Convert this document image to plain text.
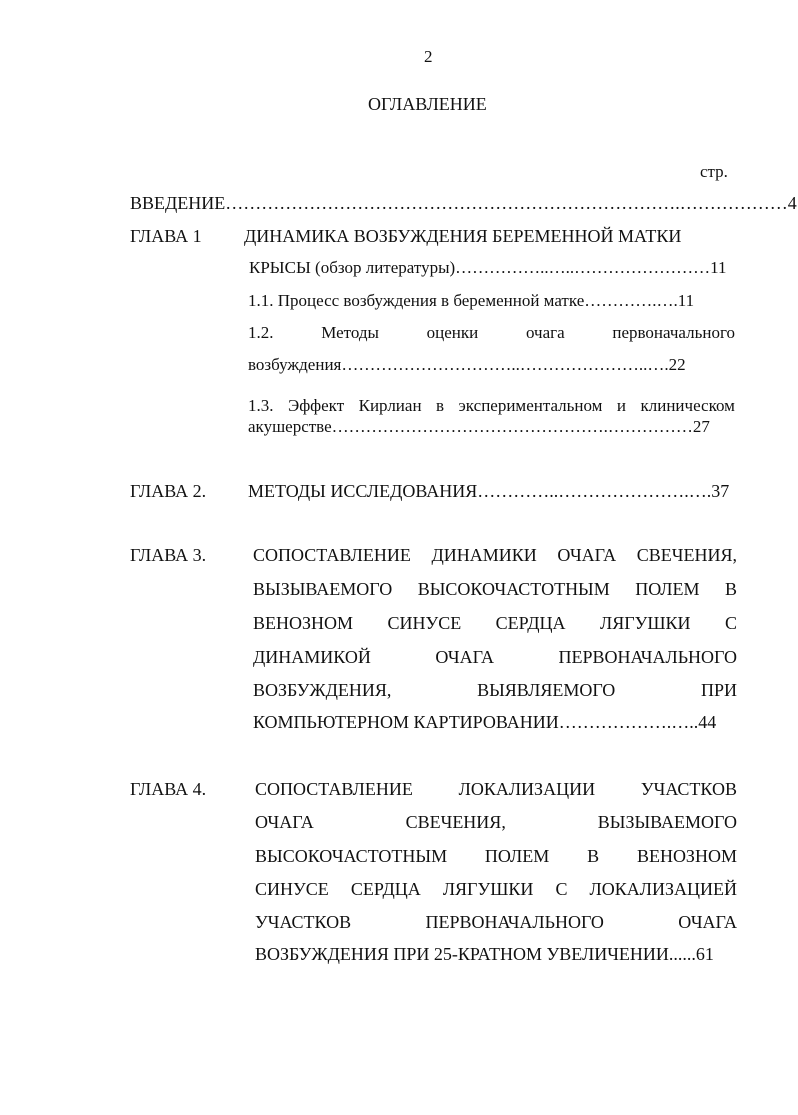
2
ОГЛАВЛЕНИЕ
стр.
ВВЕДЕНИЕ………………………………………………………………….………………4
ГЛАВА 1 ДИНАМИКА ВОЗБУЖДЕНИЯ БЕРЕМЕННОЙ МАТКИ
КРЫСЫ (обзор литературы)……………..…..……………………11
1.1. Процесс возбуждения в беременной матке………….….11
1.2.	Методы	оценки	очага	первоначального
возбуждения…………………………..…………………..….22
1.3. Эффект Кирлиан в экспериментальном и клиническом
акушерстве………………………………………….……………27
ГЛАВА 2. МЕТОДЫ ИССЛЕДОВАНИЯ…………..………………….….37
ГЛАВА 3.	СОПОСТАВЛЕНИЕ ДИНАМИКИ ОЧАГА СВЕЧЕНИЯ,
ВЫЗЫВАЕМОГО ВЫСОКОЧАСТОТНЫМ ПОЛЕМ В
ВЕНОЗНОМ СИНУСЕ СЕРДЦА ЛЯГУШКИ С
ДИНАМИКОЙ	ОЧАГА	ПЕРВОНАЧАЛЬНОГО
ВОЗБУЖДЕНИЯ,	ВЫЯВЛЯЕМОГО	ПРИ
КОМПЬЮТЕРНОМ КАРТИРОВАНИИ……………….…..44
ГЛАВА 4.	СОПОСТАВЛЕНИЕ	ЛОКАЛИЗАЦИИ	УЧАСТКОВ
ОЧАГА	СВЕЧЕНИЯ,	ВЫЗЫВАЕМОГО
ВЫСОКОЧАСТОТНЫМ ПОЛЕМ В ВЕНОЗНОМ
СИНУСЕ СЕРДЦА ЛЯГУШКИ С ЛОКАЛИЗАЦИЕЙ
УЧАСТКОВ	ПЕРВОНАЧАЛЬНОГО	ОЧАГА
ВОЗБУЖДЕНИЯ ПРИ 25-КРАТНОМ УВЕЛИЧЕНИИ......61
